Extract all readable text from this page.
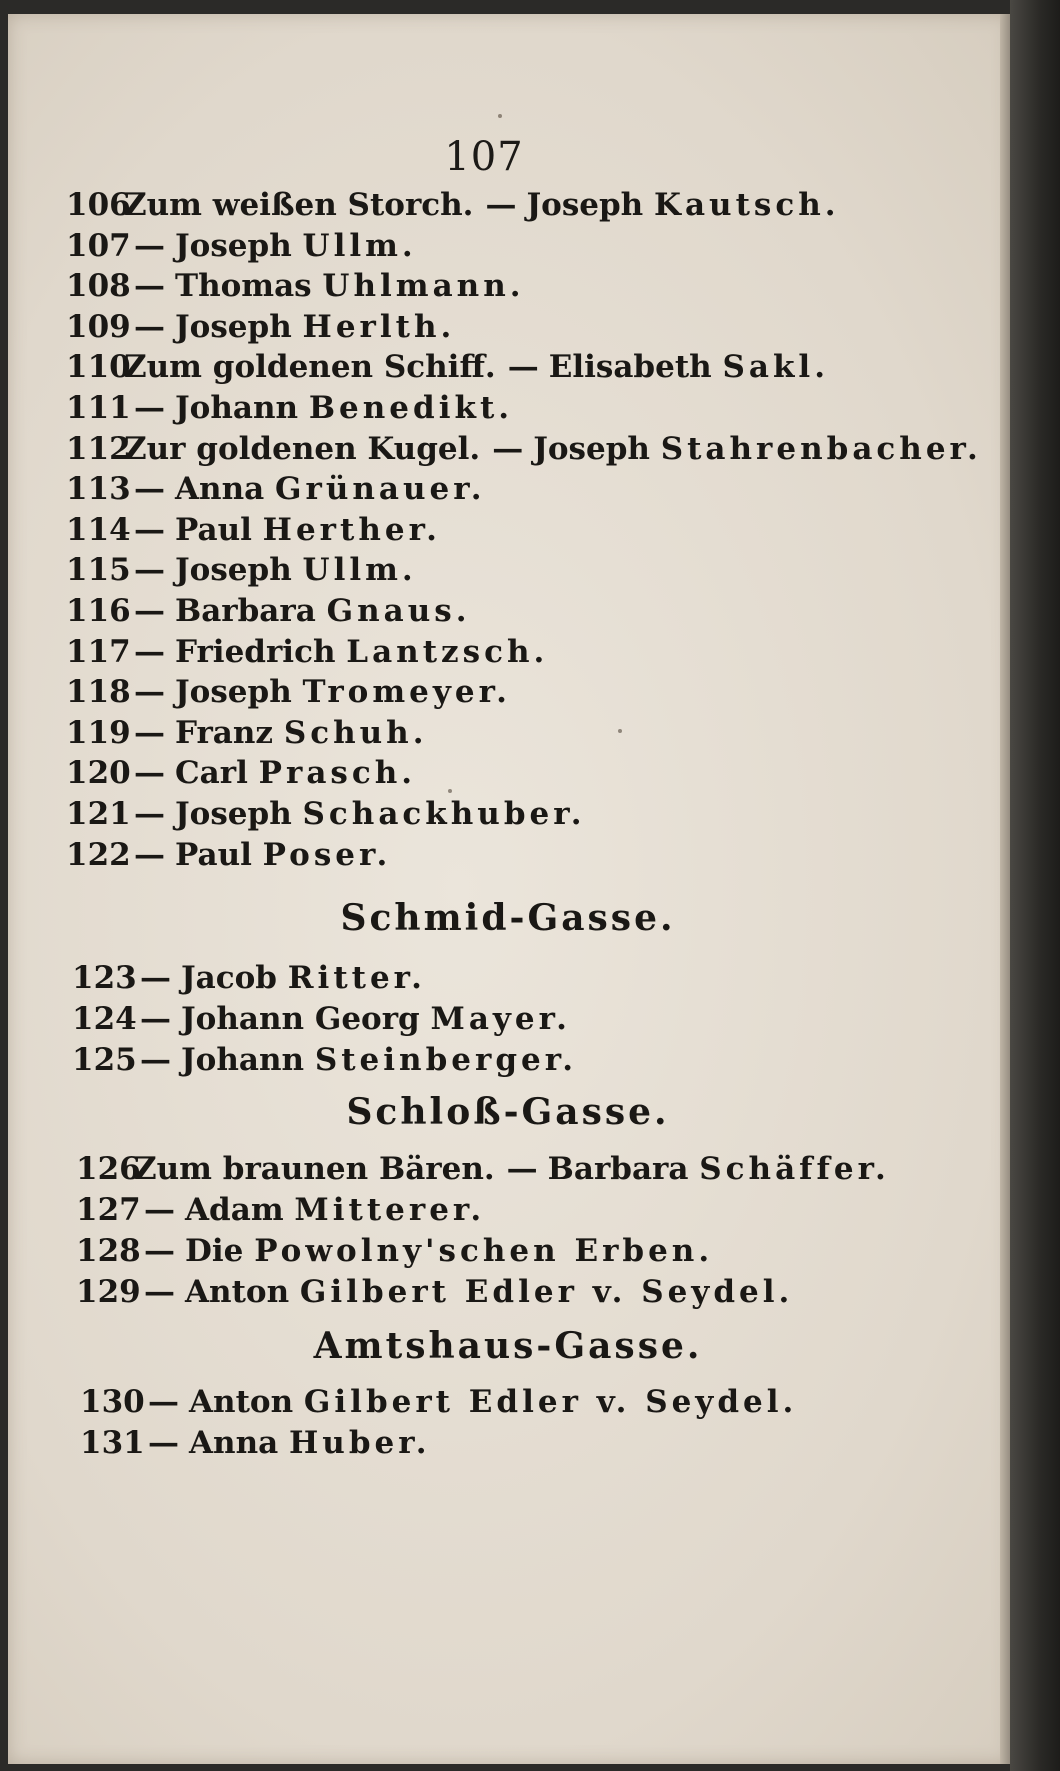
107
106Zum weißen Storch. — Joseph Kautsch.
107 — Joseph Ullm.
108 — Thomas Uhlmann.
109 — Joseph Herlth.
110Zum goldenen Schiff. — Elisabeth Sakl.
111 — Johann Benedikt.
112Zur goldenen Kugel. — Joseph Stahrenbacher.
113 — Anna Grünauer.
114 — Paul Herther.
115 — Joseph Ullm.
116 — Barbara Gnaus.
117 — Friedrich Lantzsch.
118 — Joseph Tromeyer.
119 — Franz Schuh.
120 — Carl Prasch.
121 — Joseph Schackhuber.
122 — Paul Poser.
123 — Jacob Ritter.
124 — Johann Georg Mayer.
125 — Johann Steinberger.
126Zum braunen Bären. — Barbara Schäffer.
127 — Adam Mitterer.
128 — Die Powolny'schen Erben.
129 — Anton Gilbert Edler v. Seydel.
130 — Anton Gilbert Edler v. Seydel.
131 — Anna Huber.
Schmid-Gasse.
Schloß-Gasse.
Amtshaus-Gasse.
